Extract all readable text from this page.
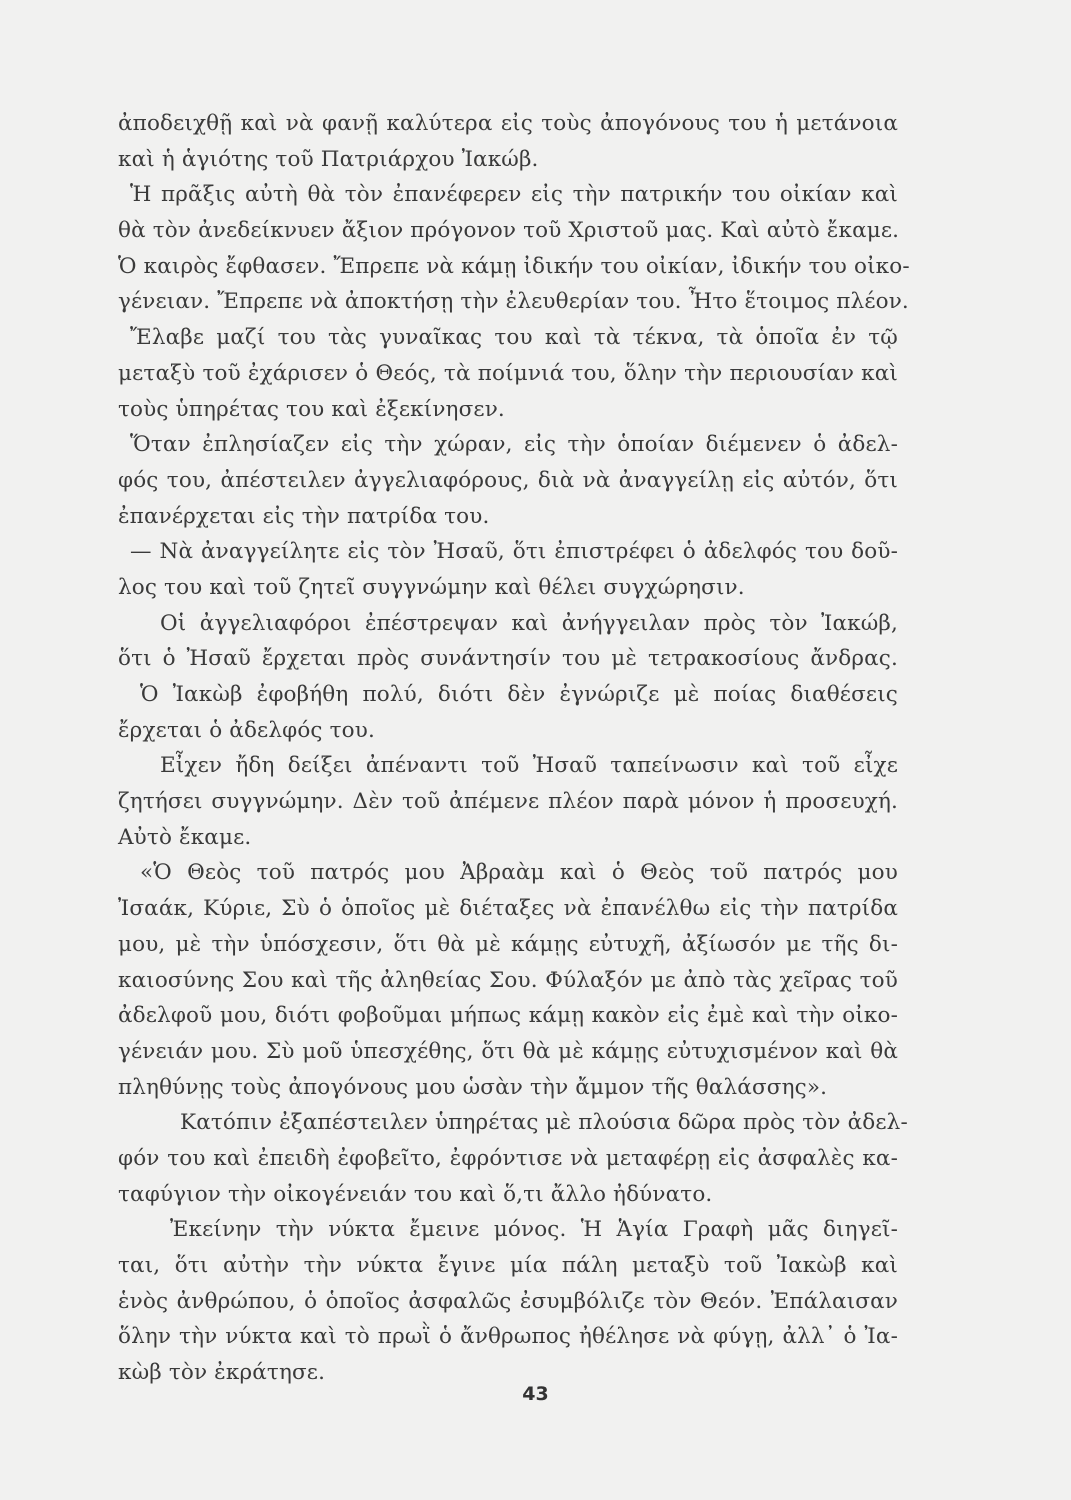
ἀποδειχθῇ καὶ νὰ φανῇ καλύτερα εἰς τοὺς ἀπογόνους του ἡ μετάνοια
καὶ ἡ ἁγιότης τοῦ Πατριάρχου Ἰακώβ.
Ἡ πρᾶξις αὐτὴ θὰ τὸν ἐπανέφερεν εἰς τὴν πατρικήν του οἰκίαν καὶ
θὰ τὸν ἀνεδείκνυεν ἄξιον πρόγονον τοῦ Χριστοῦ μας. Καὶ αὐτὸ ἔκαμε.
Ὁ καιρὸς ἔφθασεν. Ἔπρεπε νὰ κάμῃ ἰδικήν του οἰκίαν, ἰδικήν του οἰκο-
γένειαν. Ἔπρεπε νὰ ἀποκτήσῃ τὴν ἐλευθερίαν του. Ἦτο ἕτοιμος πλέον.
Ἔλαβε μαζί του τὰς γυναῖκας του καὶ τὰ τέκνα, τὰ ὁποῖα ἐν τῷ
μεταξὺ τοῦ ἐχάρισεν ὁ Θεός, τὰ ποίμνιά του, ὅλην τὴν περιουσίαν καὶ
τοὺς ὑπηρέτας του καὶ ἐξεκίνησεν.
Ὅταν ἐπλησίαζεν εἰς τὴν χώραν, εἰς τὴν ὁποίαν διέμενεν ὁ ἀδελ-
φός του, ἀπέστειλεν ἀγγελιαφόρους, διὰ νὰ ἀναγγείλῃ εἰς αὐτόν, ὅτι
ἐπανέρχεται εἰς τὴν πατρίδα του.
— Νὰ ἀναγγείλητε εἰς τὸν Ἠσαῦ, ὅτι ἐπιστρέφει ὁ ἀδελφός του δοῦ-
λος του καὶ τοῦ ζητεῖ συγγνώμην καὶ θέλει συγχώρησιν.
Οἱ ἀγγελιαφόροι ἐπέστρεψαν καὶ ἀνήγγειλαν πρὸς τὸν Ἰακώβ,
ὅτι ὁ Ἠσαῦ ἔρχεται πρὸς συνάντησίν του μὲ τετρακοσίους ἄνδρας.
Ὁ Ἰακὼβ ἐφοβήθη πολύ, διότι δὲν ἐγνώριζε μὲ ποίας διαθέσεις
ἔρχεται ὁ ἀδελφός του.
Εἶχεν ἤδη δείξει ἀπέναντι τοῦ Ἠσαῦ ταπείνωσιν καὶ τοῦ εἶχε
ζητήσει συγγνώμην. Δὲν τοῦ ἀπέμενε πλέον παρὰ μόνον ἡ προσευχή.
Αὐτὸ ἔκαμε.
«Ὁ Θεὸς τοῦ πατρός μου Ἀβραὰμ καὶ ὁ Θεὸς τοῦ πατρός μου
Ἰσαάκ, Κύριε, Σὺ ὁ ὁποῖος μὲ διέταξες νὰ ἐπανέλθω εἰς τὴν πατρίδα
μου, μὲ τὴν ὑπόσχεσιν, ὅτι θὰ μὲ κάμῃς εὐτυχῆ, ἀξίωσόν με τῆς δι-
καιοσύνης Σου καὶ τῆς ἀληθείας Σου. Φύλαξόν με ἀπὸ τὰς χεῖρας τοῦ
ἀδελφοῦ μου, διότι φοβοῦμαι μήπως κάμῃ κακὸν εἰς ἐμὲ καὶ τὴν οἰκο-
γένειάν μου. Σὺ μοῦ ὑπεσχέθης, ὅτι θὰ μὲ κάμῃς εὐτυχισμένον καὶ θὰ
πληθύνῃς τοὺς ἀπογόνους μου ὡσὰν τὴν ἄμμον τῆς θαλάσσης».
Κατόπιν ἐξαπέστειλεν ὑπηρέτας μὲ πλούσια δῶρα πρὸς τὸν ἀδελ-
φόν του καὶ ἐπειδὴ ἐφοβεῖτο, ἐφρόντισε νὰ μεταφέρῃ εἰς ἀσφαλὲς κα-
ταφύγιον τὴν οἰκογένειάν του καὶ ὅ,τι ἄλλο ἠδύνατο.
Ἐκείνην τὴν νύκτα ἔμεινε μόνος. Ἡ Ἁγία Γραφὴ μᾶς διηγεῖ-
ται, ὅτι αὐτὴν τὴν νύκτα ἔγινε μία πάλη μεταξὺ τοῦ Ἰακὼβ καὶ
ἑνὸς ἀνθρώπου, ὁ ὁποῖος ἀσφαλῶς ἐσυμβόλιζε τὸν Θεόν. Ἐπάλαισαν
ὅλην τὴν νύκτα καὶ τὸ πρωῒ ὁ ἄνθρωπος ἠθέλησε νὰ φύγῃ, ἀλλ᾽ ὁ Ἰα-
κὼβ τὸν ἐκράτησε.
43
